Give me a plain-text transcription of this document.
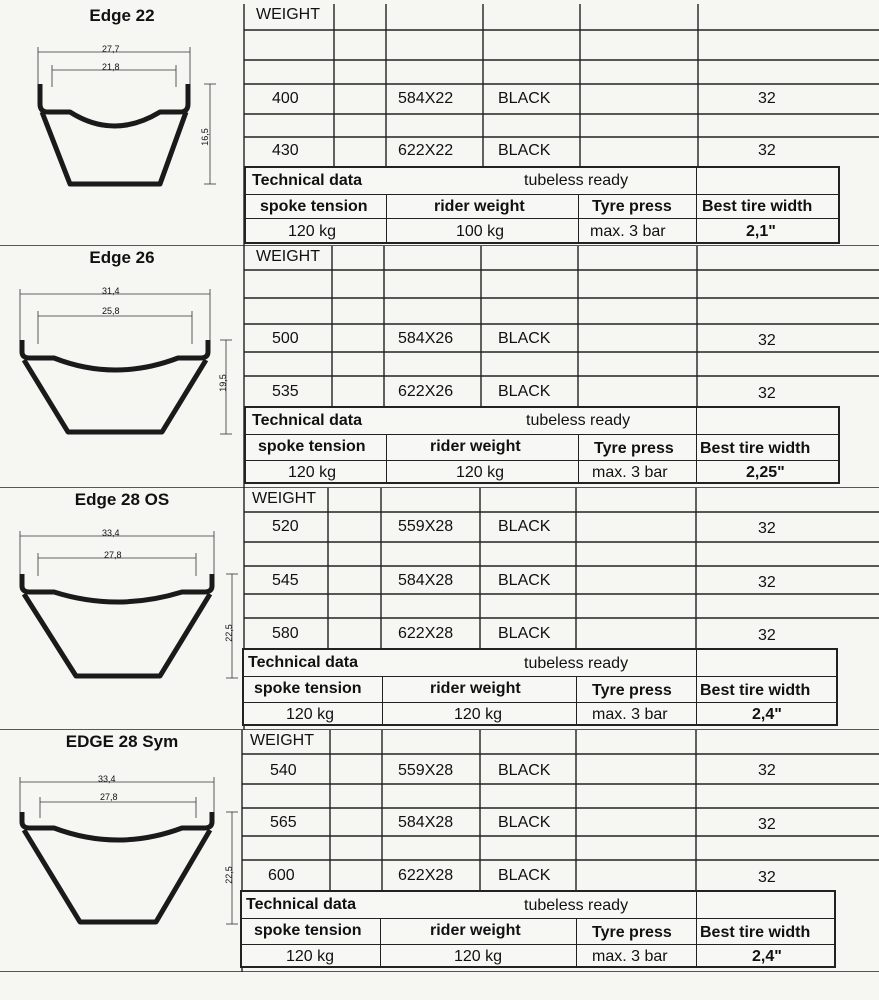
Edge 22
27,7
21,8
16,5
WEIGHT
400	584X22	BLACK	32
430	622X22	BLACK	32
Technical data	tubeless ready
spoke tension	rider weight	Tyre press Best tire width
120 kg	100 kg	max. 3 bar	2,1"
Edge 26
31,4
25,8
19,5
WEIGHT
500	584X26	BLACK	32
535	622X26	BLACK	32
Technical data	tubeless ready
spoke tension	rider weight	Tyre press Best tire width
120 kg	120 kg	max. 3 bar	2,25"
Edge 28 OS
33,4
27,8
22,5
WEIGHT
520	559X28	BLACK	32
545	584X28	BLACK	32
580	622X28	BLACK	32
Technical data	tubeless ready
spoke tension	rider weight	Tyre press Best tire width
120 kg	120 kg	max. 3 bar	2,4"
EDGE 28 Sym
33,4
27,8
22,5
WEIGHT
540	559X28	BLACK	32
565	584X28	BLACK	32
600	622X28	BLACK	32
Technical data	tubeless ready
spoke tension	rider weight	Tyre press Best tire width
120 kg	120 kg	max. 3 bar	2,4"
